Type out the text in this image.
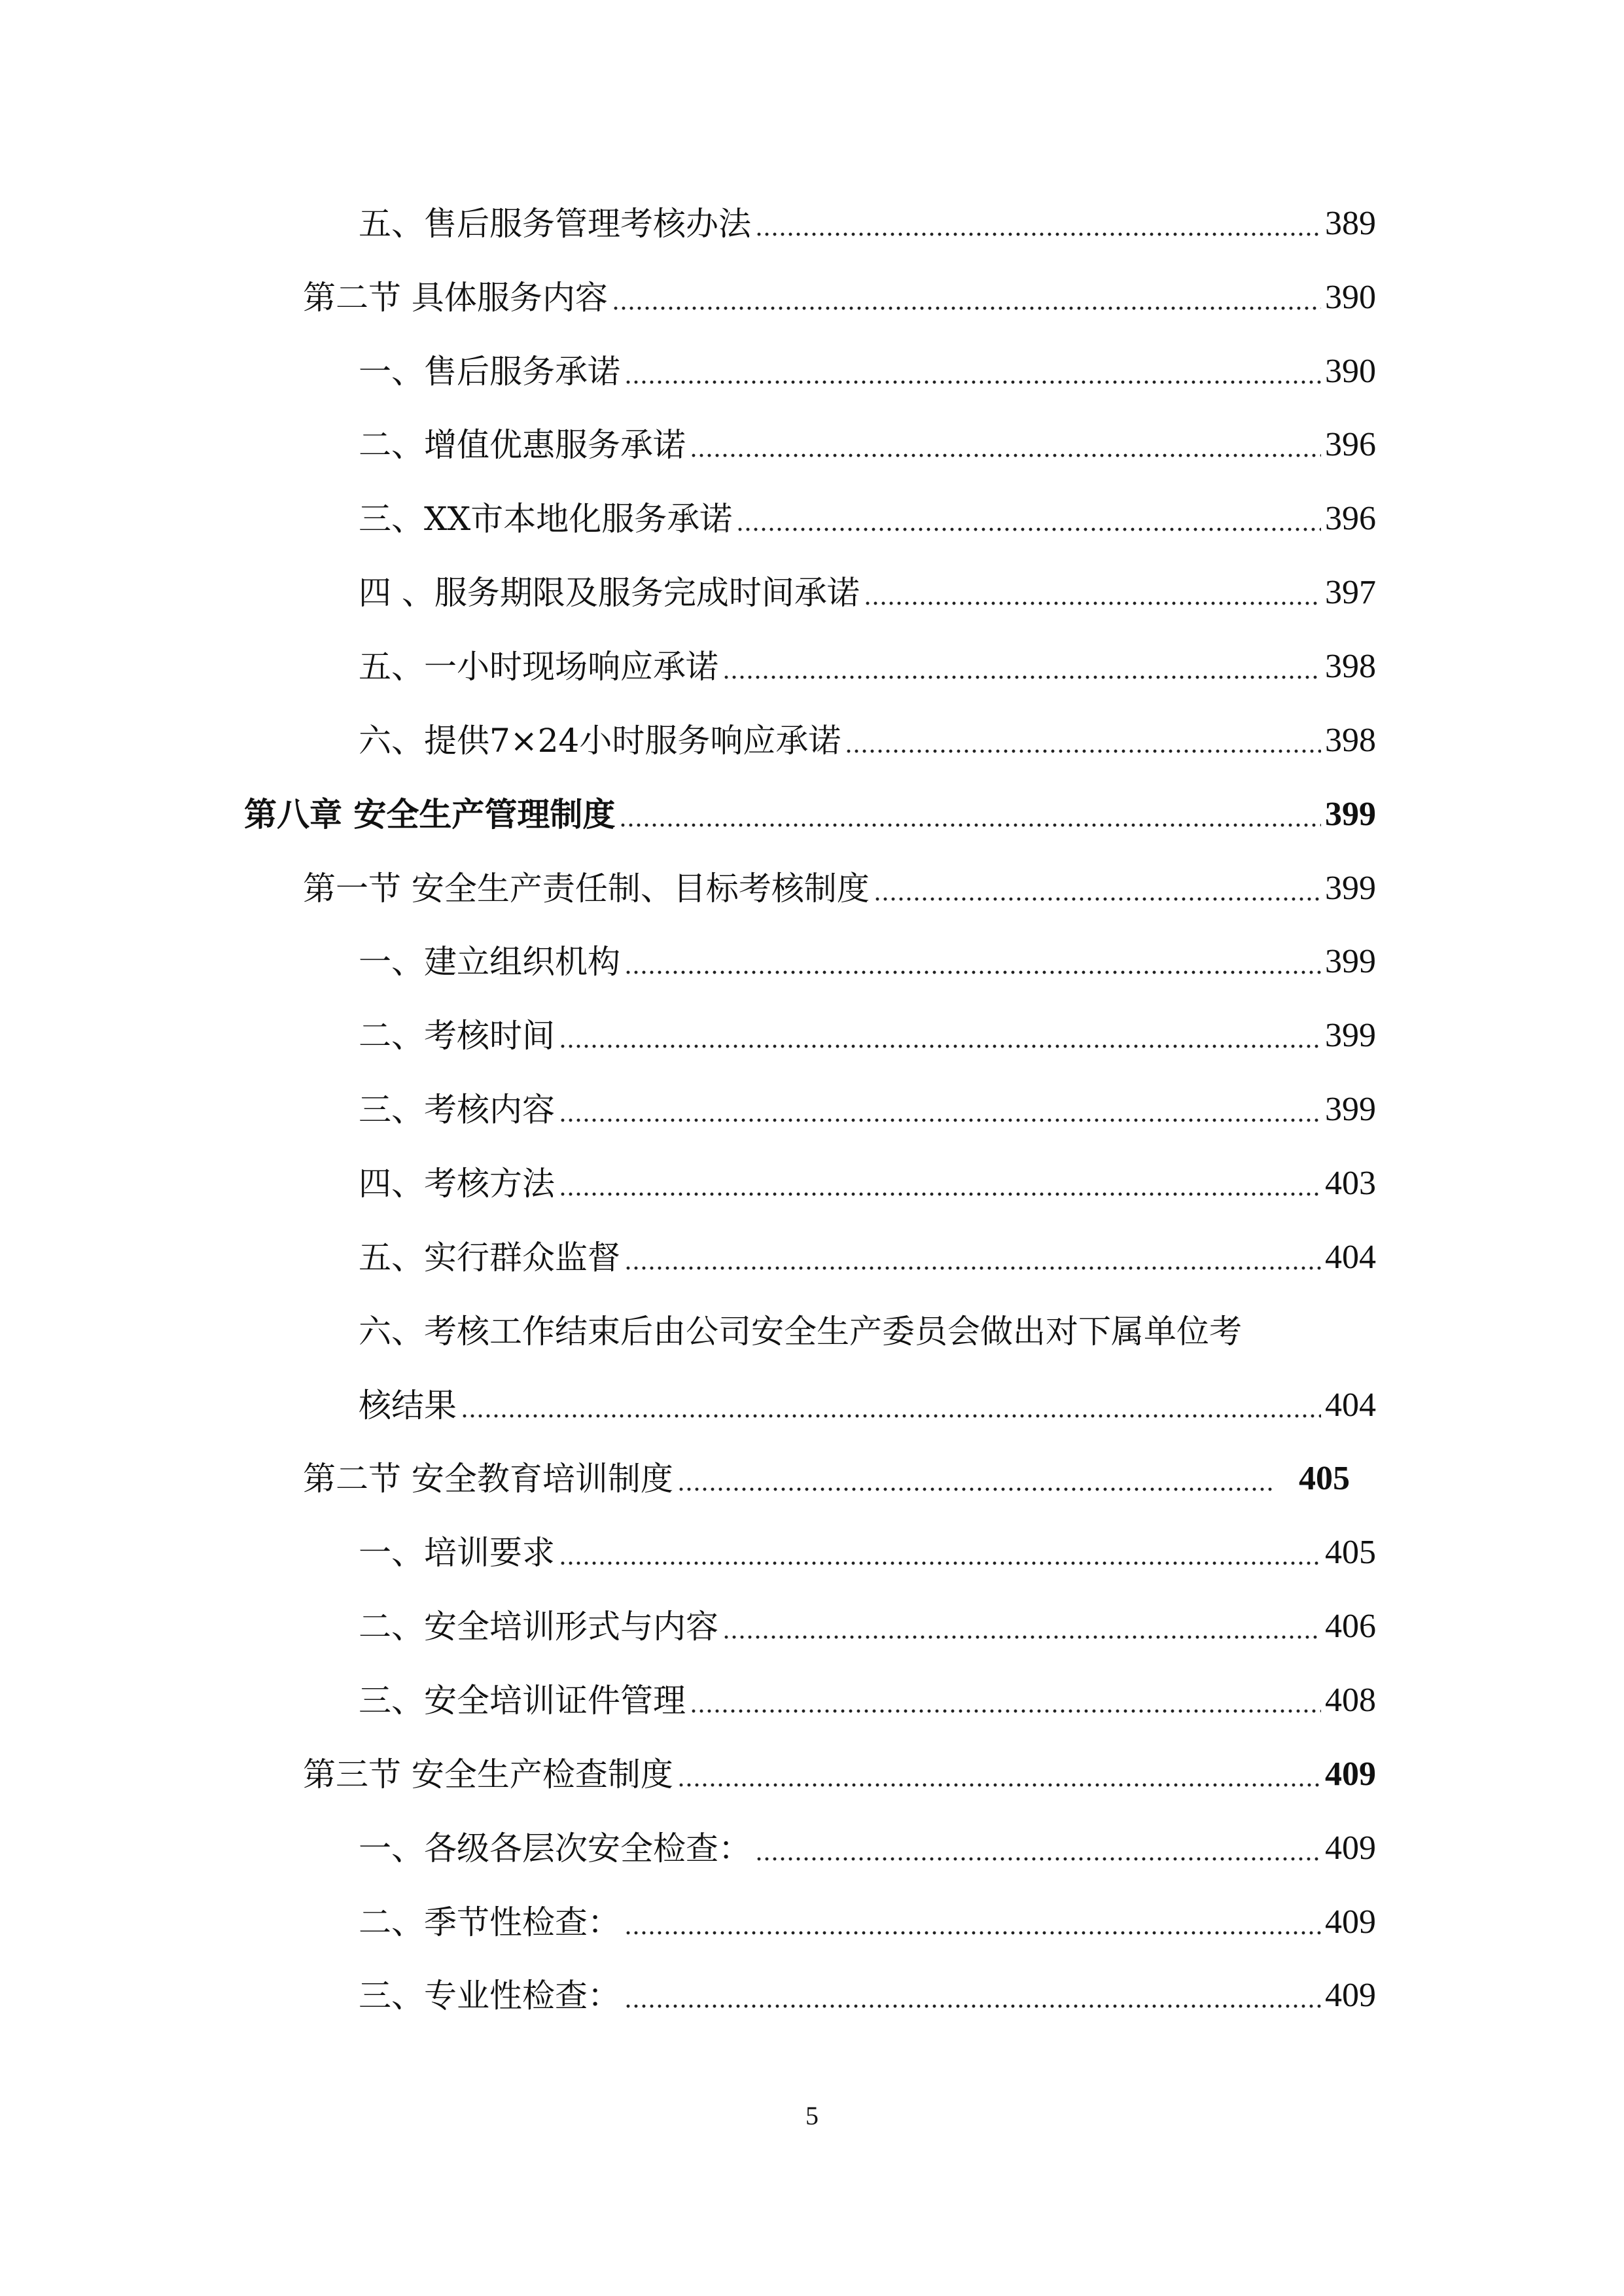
五、售后服务管理考核办法	389
第二节 具体服务内容	390
一、售后服务承诺	390
二、增值优惠服务承诺	396
三、XX市本地化服务承诺	396
四 、服务期限及服务完成时间承诺	397
五、一小时现场响应承诺	398
六、提供7×24小时服务响应承诺	398
第八章 安全生产管理制度	399
第一节 安全生产责任制、目标考核制度	399
一、建立组织机构	399
二、考核时间	399
三、考核内容	399
四、考核方法	403
五、实行群众监督	404
六、考核工作结束后由公司安全生产委员会做出对下属单位考
核结果	404
第二节 安全教育培训制度	405
一、培训要求	405
二、安全培训形式与内容	406
三、安全培训证件管理	408
第三节 安全生产检查制度	409
一、各级各层次安全检查：	409
二、季节性检查：	409
三、专业性检查：	409
5
